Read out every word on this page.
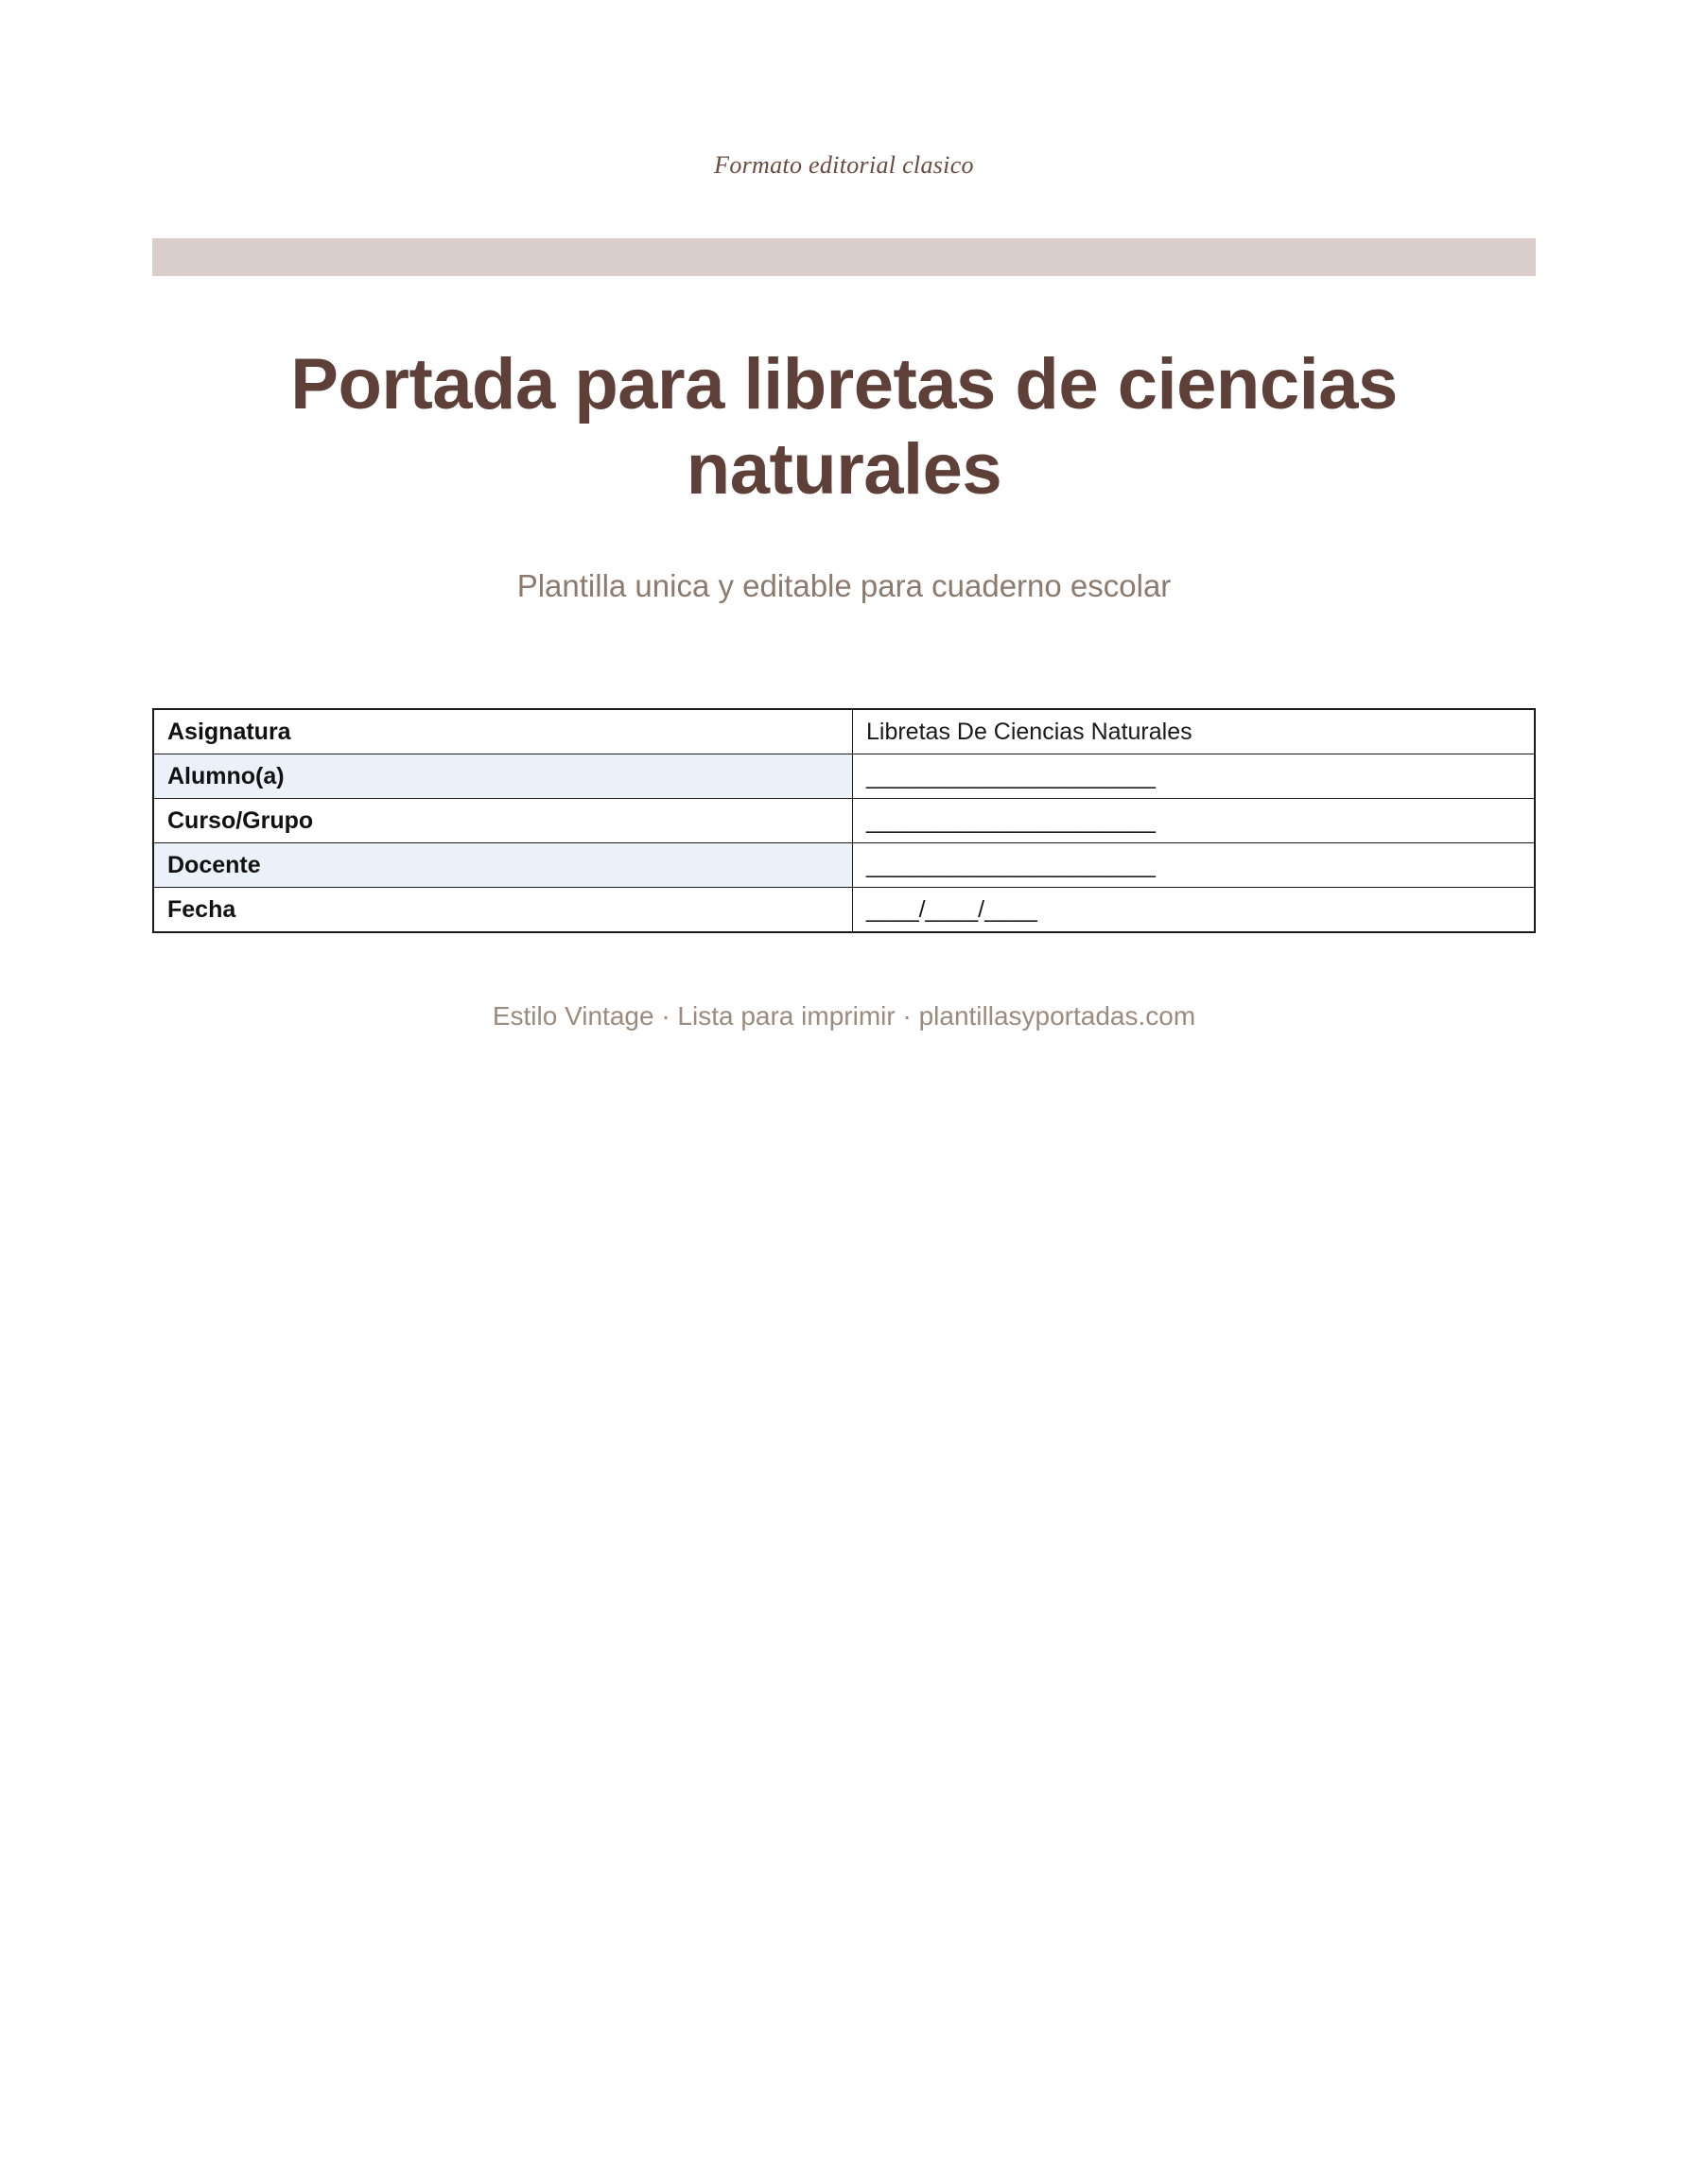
Formato editorial clasico
Portada para libretas de ciencias naturales

Plantilla unica y editable para cuaderno escolar

Asignatura	Libretas De Ciencias Naturales
Alumno(a)	______________________
Curso/Grupo	______________________
Docente	______________________
Fecha	____/____/____
Estilo Vintage · Lista para imprimir · plantillasyportadas.com
